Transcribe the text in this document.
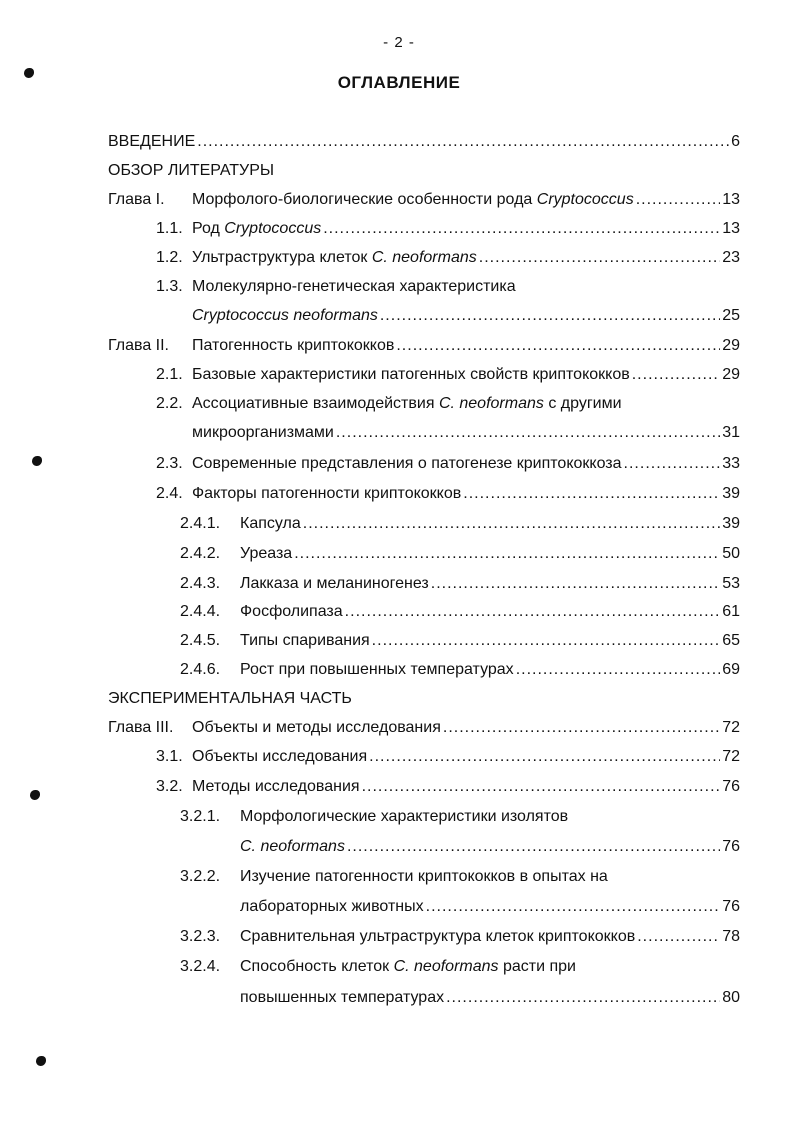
- 2 -
ОГЛАВЛЕНИЕ
ВВЕДЕНИЕ .....	6
ОБЗОР ЛИТЕРАТУРЫ
Глава I.	Морфолого-биологические особенности рода Cryptococcus .....	13
1.1. Род Cryptococcus .....	13
1.2. Ультраструктура клеток C. neoformans .....	23
1.3. Молекулярно-генетическая характеристика
Cryptococcus neoformans .....	25
Глава II.	Патогенность криптококков .....	29
2.1. Базовые характеристики патогенных свойств криптококков .....	29
2.2. Ассоциативные взаимодействия C. neoformans с другими
микроорганизмами .....	31
2.3. Современные представления о патогенезе криптококкоза .....	33
2.4. Факторы патогенности криптококков .....	39
2.4.1.	Капсула .....	39
2.4.2.	Уреаза .....	50
2.4.3.	Лакказа и меланиногенез .....	53
2.4.4.	Фосфолипаза .....	61
2.4.5.	Типы спаривания .....	65
2.4.6.	Рост при повышенных температурах .....	69
ЭКСПЕРИМЕНТАЛЬНАЯ ЧАСТЬ
Глава III.	Объекты и методы исследования .....	72
3.1. Объекты исследования .....	72
3.2. Методы исследования .....	76
3.2.1.	Морфологические характеристики изолятов
C. neoformans .....	76
3.2.2.	Изучение патогенности криптококков в опытах на
лабораторных животных .....	76
3.2.3.	Сравнительная ультраструктура клеток криптококков .....	78
3.2.4.	Способность клеток C. neoformans расти при
повышенных температурах .....	80
